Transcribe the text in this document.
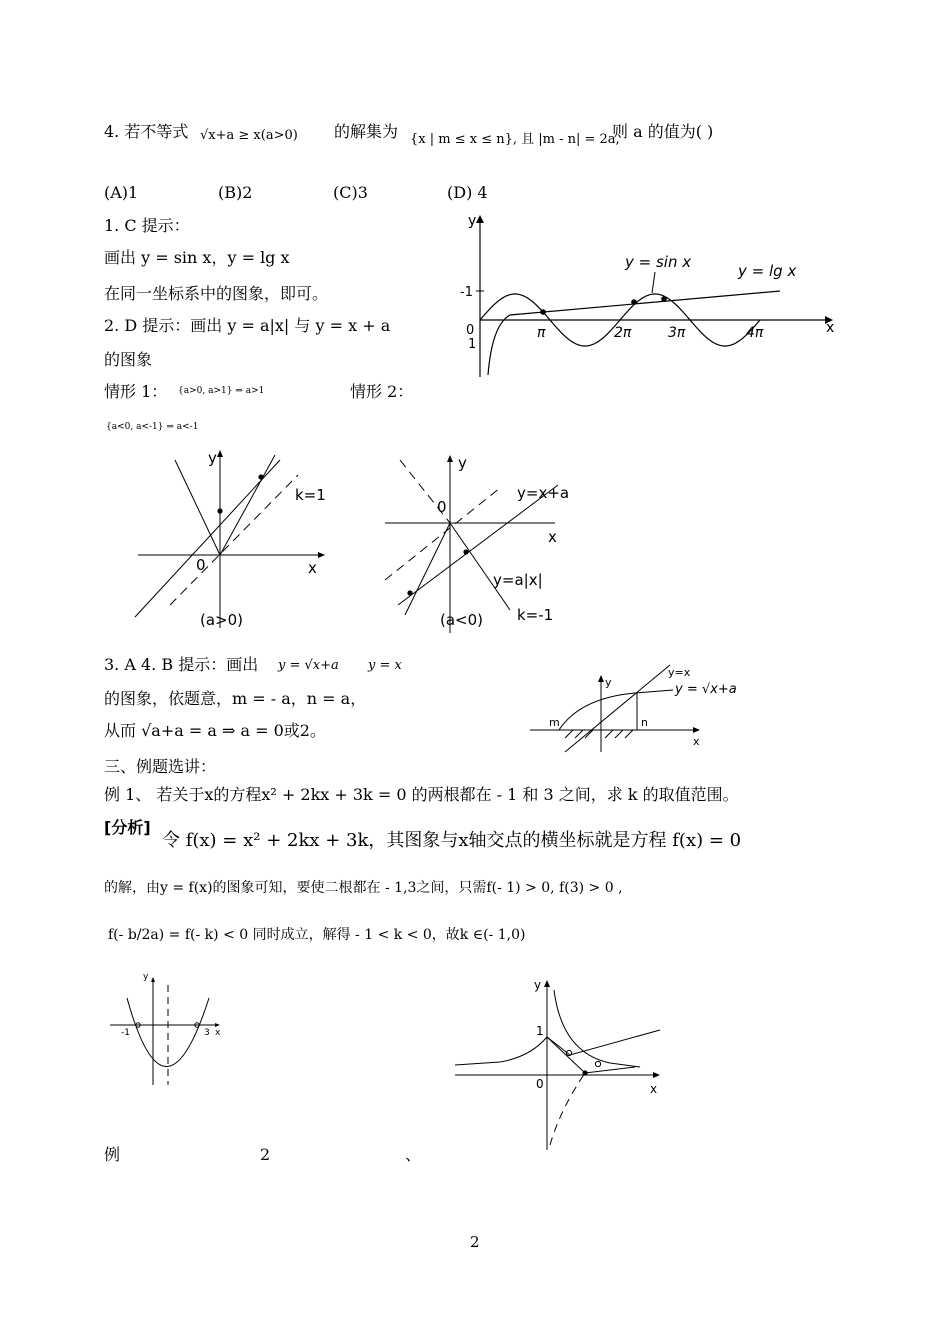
4. 若不等式 √x+a ≥ x(a>0) 的解集为 {x | m ≤ x ≤ n}, 且 |m - n| = 2a,
则 a 的值为( )
(A)1	(B)2	(C)3	(D) 4
1. C 提示：
画出 y = sin x，y = lg x
在同一坐标系中的图象，即可。
2. D 提示：画出 y = a|x| 与 y = x + a
的图象
情形 1： {a>0, a>1} ⇒ a>1	情形 2：
{a<0, a<-1} ⇒ a<-1
y
x
-1
1
0
y = sin x	y = lg x
π	2π	3π	4π
y
x
0
k=1
(a>0)
y
x
0
y=x+a
y=a|x|
k=-1
(a<0)
3. A 4. B 提示：画出 y = √x+a y = x
的图象，依题意，m = - a，n = a，
从而 √a+a = a ⇒ a = 0或2。
y
x
y=x
y = √x+a
m	n
三、例题选讲：
例 1、 若关于x的方程x² + 2kx + 3k = 0 的两根都在 - 1 和 3 之间，求 k 的取值范围。
[分析]
令 f(x) = x² + 2kx + 3k，其图象与x轴交点的横坐标就是方程 f(x) = 0
的解，由y = f(x)的图象可知，要使二根都在 - 1,3之间，只需f(- 1) > 0, f(3) > 0 ,
f(- b/2a) = f(- k) < 0 同时成立，解得 - 1 < k < 0，故k ∈(- 1,0)
y
x
-1	3
y
x
1
0
例	2	、
2
